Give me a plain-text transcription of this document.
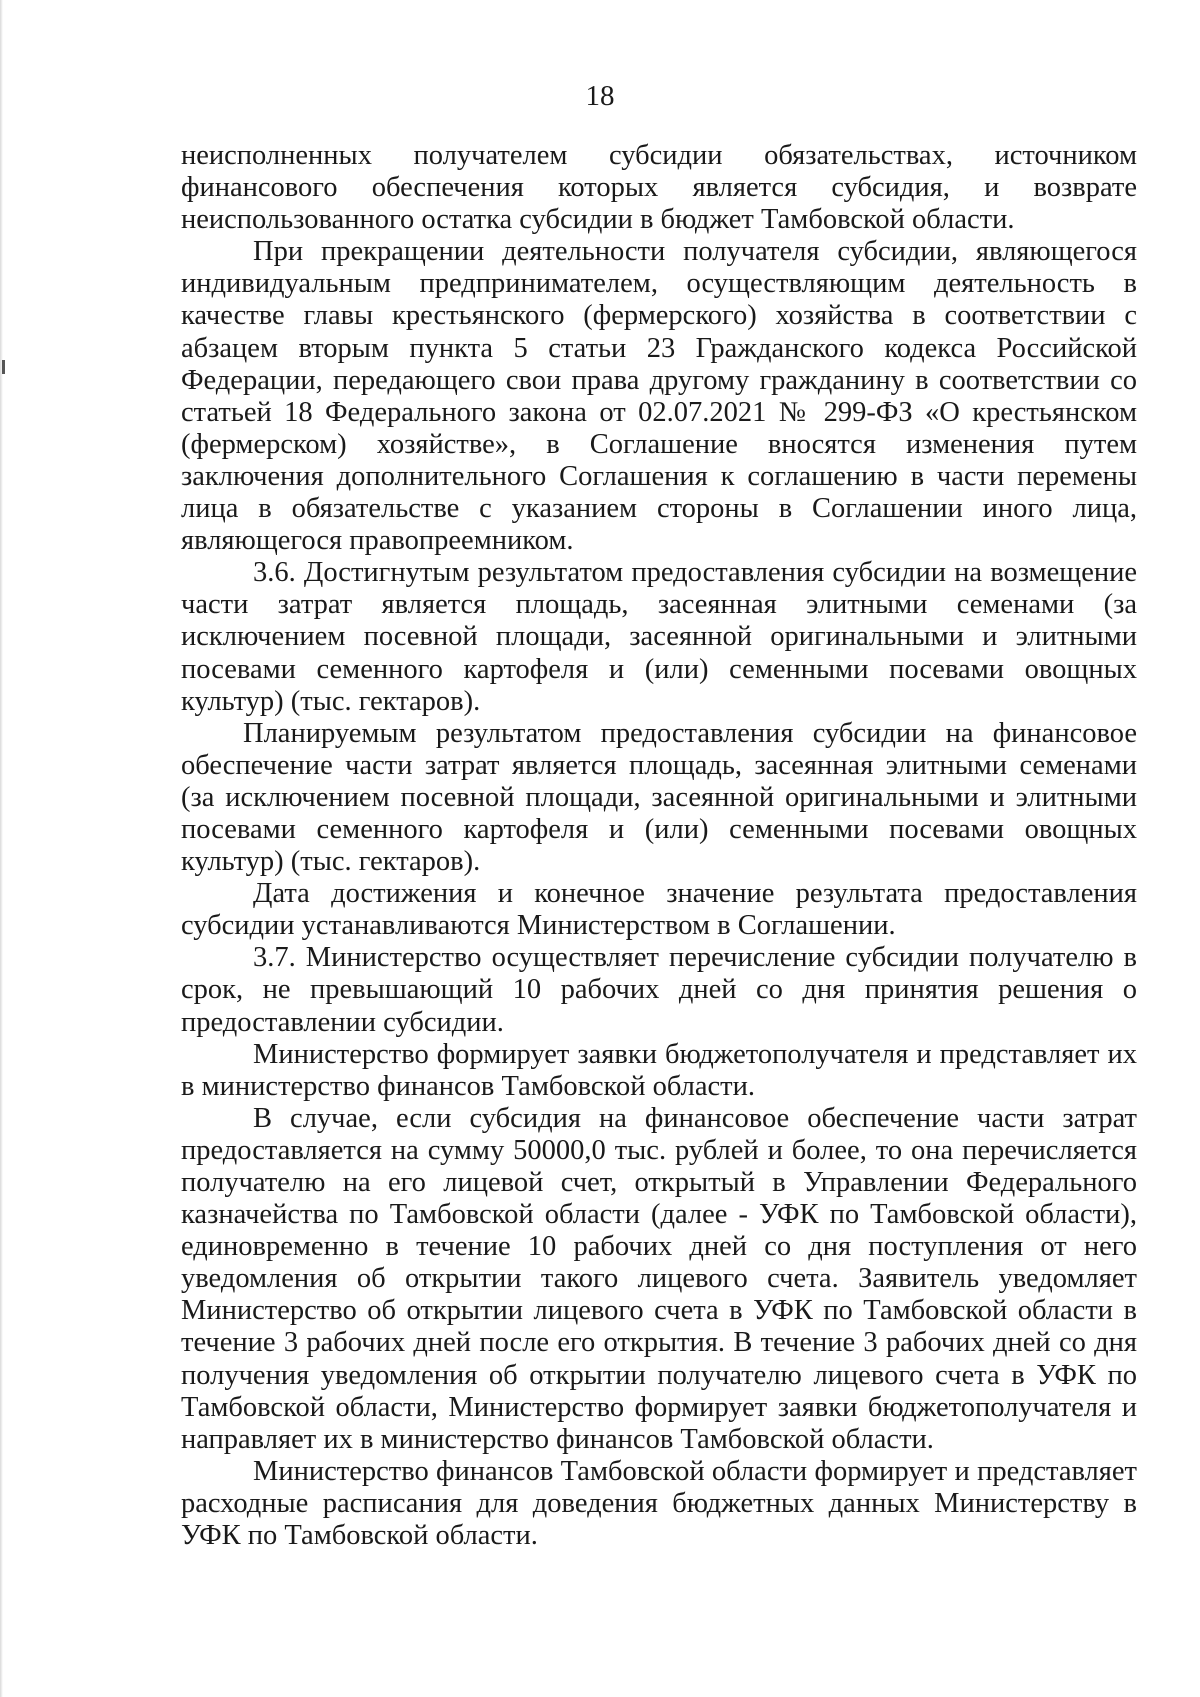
18

неисполненных получателем субсидии обязательствах, источником финансового обеспечения которых является субсидия, и возврате неиспользованного остатка субсидии в бюджет Тамбовской области.

При прекращении деятельности получателя субсидии, являющегося индивидуальным предпринимателем, осуществляющим деятельность в качестве главы крестьянского (фермерского) хозяйства в соответствии с абзацем вторым пункта 5 статьи 23 Гражданского кодекса Российской Федерации, передающего свои права другому гражданину в соответствии со статьей 18 Федерального закона от 02.07.2021 № 299-ФЗ «О крестьянском (фермерском) хозяйстве», в Соглашение вносятся изменения путем заключения дополнительного Соглашения к соглашению в части перемены лица в обязательстве с указанием стороны в Соглашении иного лица, являющегося правопреемником.

3.6. Достигнутым результатом предоставления субсидии на возмещение части затрат является площадь, засеянная элитными семенами (за исключением посевной площади, засеянной оригинальными и элитными посевами семенного картофеля и (или) семенными посевами овощных культур) (тыс. гектаров).

Планируемым результатом предоставления субсидии на финансовое обеспечение части затрат является площадь, засеянная элитными семенами (за исключением посевной площади, засеянной оригинальными и элитными посевами семенного картофеля и (или) семенными посевами овощных культур) (тыс. гектаров).

Дата достижения и конечное значение результата предоставления субсидии устанавливаются Министерством в Соглашении.

3.7. Министерство осуществляет перечисление субсидии получателю в срок, не превышающий 10 рабочих дней со дня принятия решения о предоставлении субсидии.

Министерство формирует заявки бюджетополучателя и представляет их в министерство финансов Тамбовской области.

В случае, если субсидия на финансовое обеспечение части затрат предоставляется на сумму 50000,0 тыс. рублей и более, то она перечисляется получателю на его лицевой счет, открытый в Управлении Федерального казначейства по Тамбовской области (далее - УФК по Тамбовской области), единовременно в течение 10 рабочих дней со дня поступления от него уведомления об открытии такого лицевого счета. Заявитель уведомляет Министерство об открытии лицевого счета в УФК по Тамбовской области в течение 3 рабочих дней после его открытия. В течение 3 рабочих дней со дня получения уведомления об открытии получателю лицевого счета в УФК по Тамбовской области, Министерство формирует заявки бюджетополучателя и направляет их в министерство финансов Тамбовской области.

Министерство финансов Тамбовской области формирует и представляет расходные расписания для доведения бюджетных данных Министерству в УФК по Тамбовской области.
